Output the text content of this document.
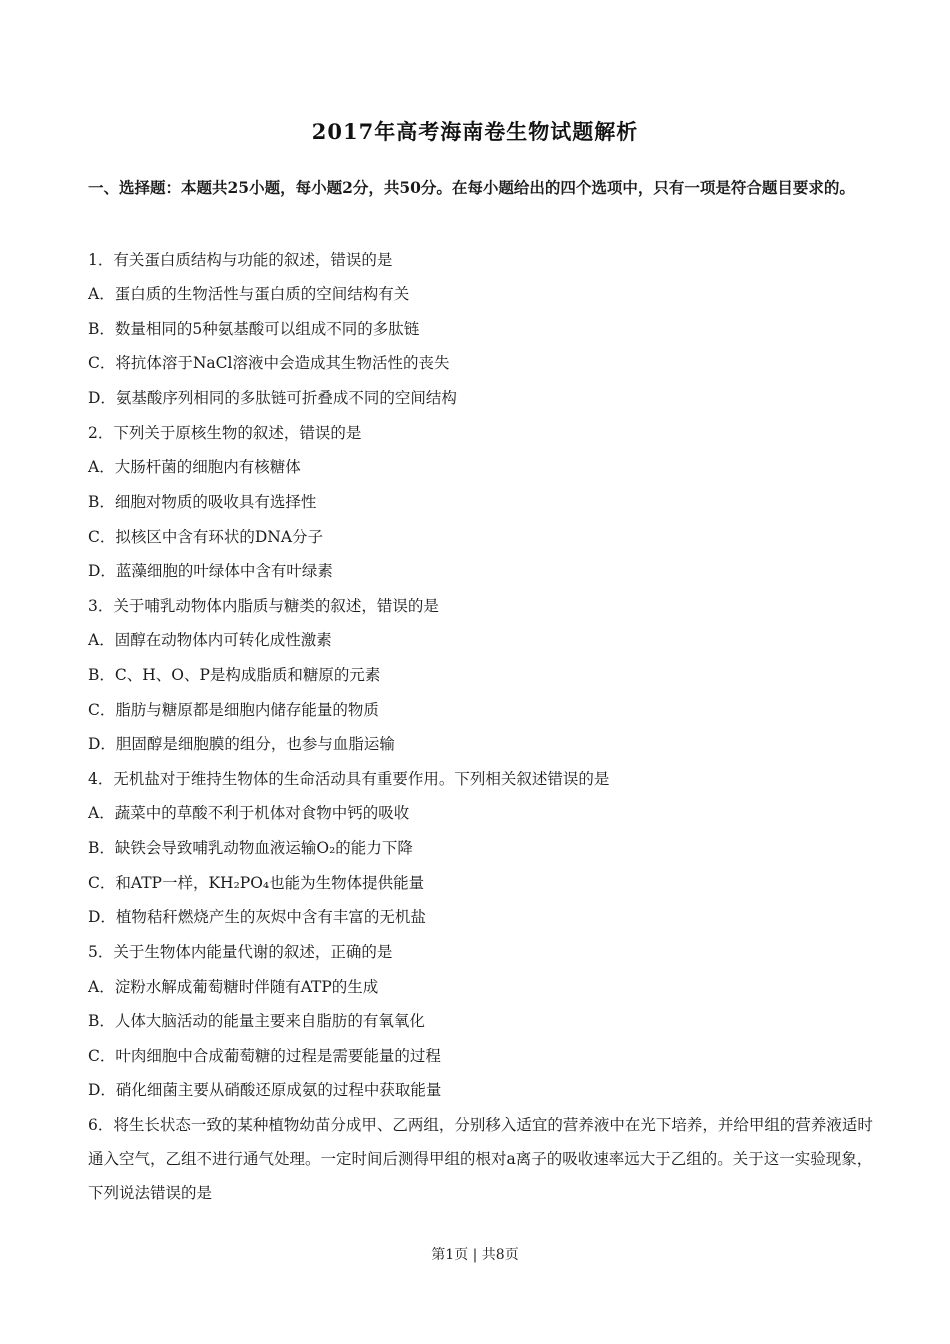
2017年高考海南卷生物试题解析
一、选择题：本题共25小题，每小题2分，共50分。在每小题给出的四个选项中，只有一项是符合题目要求的。
1．有关蛋白质结构与功能的叙述，错误的是
A．蛋白质的生物活性与蛋白质的空间结构有关
B．数量相同的5种氨基酸可以组成不同的多肽链
C．将抗体溶于NaCl溶液中会造成其生物活性的丧失
D．氨基酸序列相同的多肽链可折叠成不同的空间结构
2．下列关于原核生物的叙述，错误的是
A．大肠杆菌的细胞内有核糖体
B．细胞对物质的吸收具有选择性
C．拟核区中含有环状的DNA分子
D．蓝藻细胞的叶绿体中含有叶绿素
3．关于哺乳动物体内脂质与糖类的叙述，错误的是
A．固醇在动物体内可转化成性激素
B．C、H、O、P是构成脂质和糖原的元素
C．脂肪与糖原都是细胞内储存能量的物质
D．胆固醇是细胞膜的组分，也参与血脂运输
4．无机盐对于维持生物体的生命活动具有重要作用。下列相关叙述错误的是
A．蔬菜中的草酸不利于机体对食物中钙的吸收
B．缺铁会导致哺乳动物血液运输O₂的能力下降
C．和ATP一样，KH₂PO₄也能为生物体提供能量
D．植物秸秆燃烧产生的灰烬中含有丰富的无机盐
5．关于生物体内能量代谢的叙述，正确的是
A．淀粉水解成葡萄糖时伴随有ATP的生成
B．人体大脑活动的能量主要来自脂肪的有氧氧化
C．叶肉细胞中合成葡萄糖的过程是需要能量的过程
D．硝化细菌主要从硝酸还原成氨的过程中获取能量
6．将生长状态一致的某种植物幼苗分成甲、乙两组，分别移入适宜的营养液中在光下培养，并给甲组的营养液适时通入空气，乙组不进行通气处理。一定时间后测得甲组的根对a离子的吸收速率远大于乙组的。关于这一实验现象，下列说法错误的是
第1页 | 共8页
